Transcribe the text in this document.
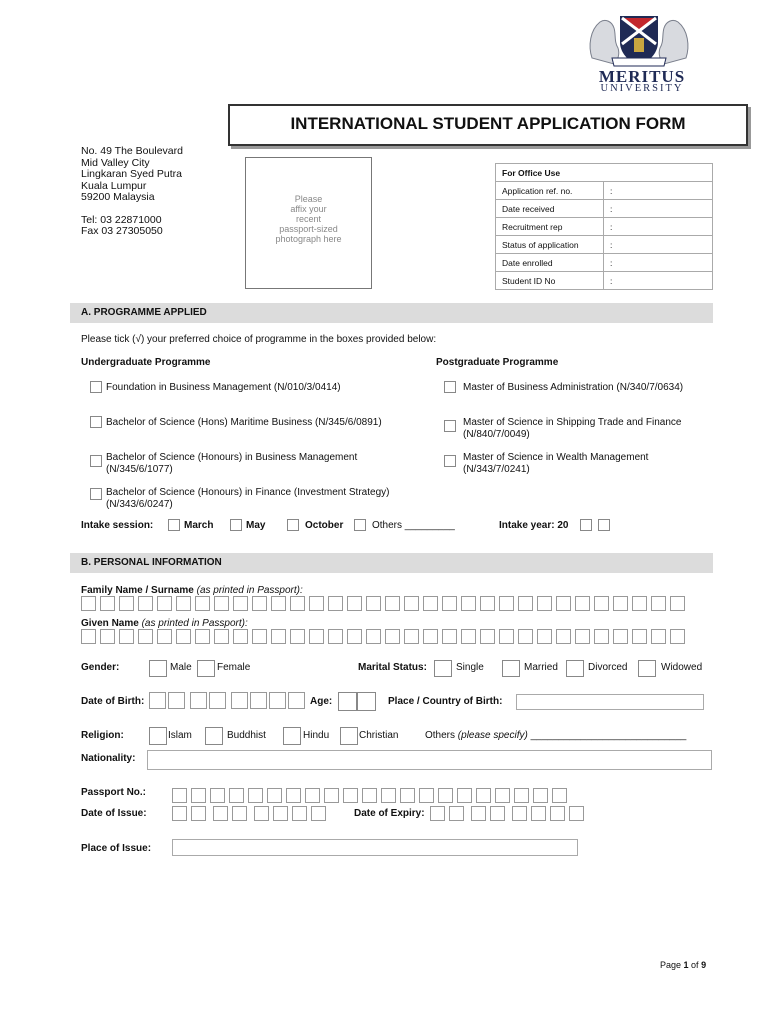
MERITUS
UNIVERSITY
INTERNATIONAL STUDENT APPLICATION FORM
No. 49 The Boulevard
Mid Valley City
Lingkaran Syed Putra
Kuala Lumpur
59200 Malaysia
Tel: 03 22871000
Fax 03 27305050
Please
affix your
recent
passport-sized
photograph here
For Office Use	
Application ref. no.	:
Date received	:
Recruitment rep	:
Status of application	:
Date enrolled	:
Student ID No	:
A. PROGRAMME APPLIED
Please tick (√) your preferred choice of programme in the boxes provided below:
Undergraduate Programme	Postgraduate Programme
Foundation in Business Management (N/010/3/0414)
Bachelor of Science (Hons) Maritime Business (N/345/6/0891)
Bachelor of Science (Honours) in Business Management
(N/345/6/1077)
Bachelor of Science (Honours) in Finance (Investment Strategy)
(N/343/6/0247)
Master of Business Administration (N/340/7/0634)
Master of Science in Shipping Trade and Finance
(N/840/7/0049)
Master of Science in Wealth Management
(N/343/7/0241)
Intake session:	March	May	October	Others _________	Intake year: 20
B. PERSONAL INFORMATION
Family Name / Surname (as printed in Passport):
Given Name (as printed in Passport):
Gender:	Male	Female	Marital Status:	Single	Married	Divorced	Widowed
Date of Birth:	Age:	Place / Country of Birth:
Religion:	Islam	Buddhist	Hindu	Christian	Others (please specify) ____________________________
Nationality:
Passport No.:
Date of Issue:	Date of Expiry:
Place of Issue:
Page 1 of 9
